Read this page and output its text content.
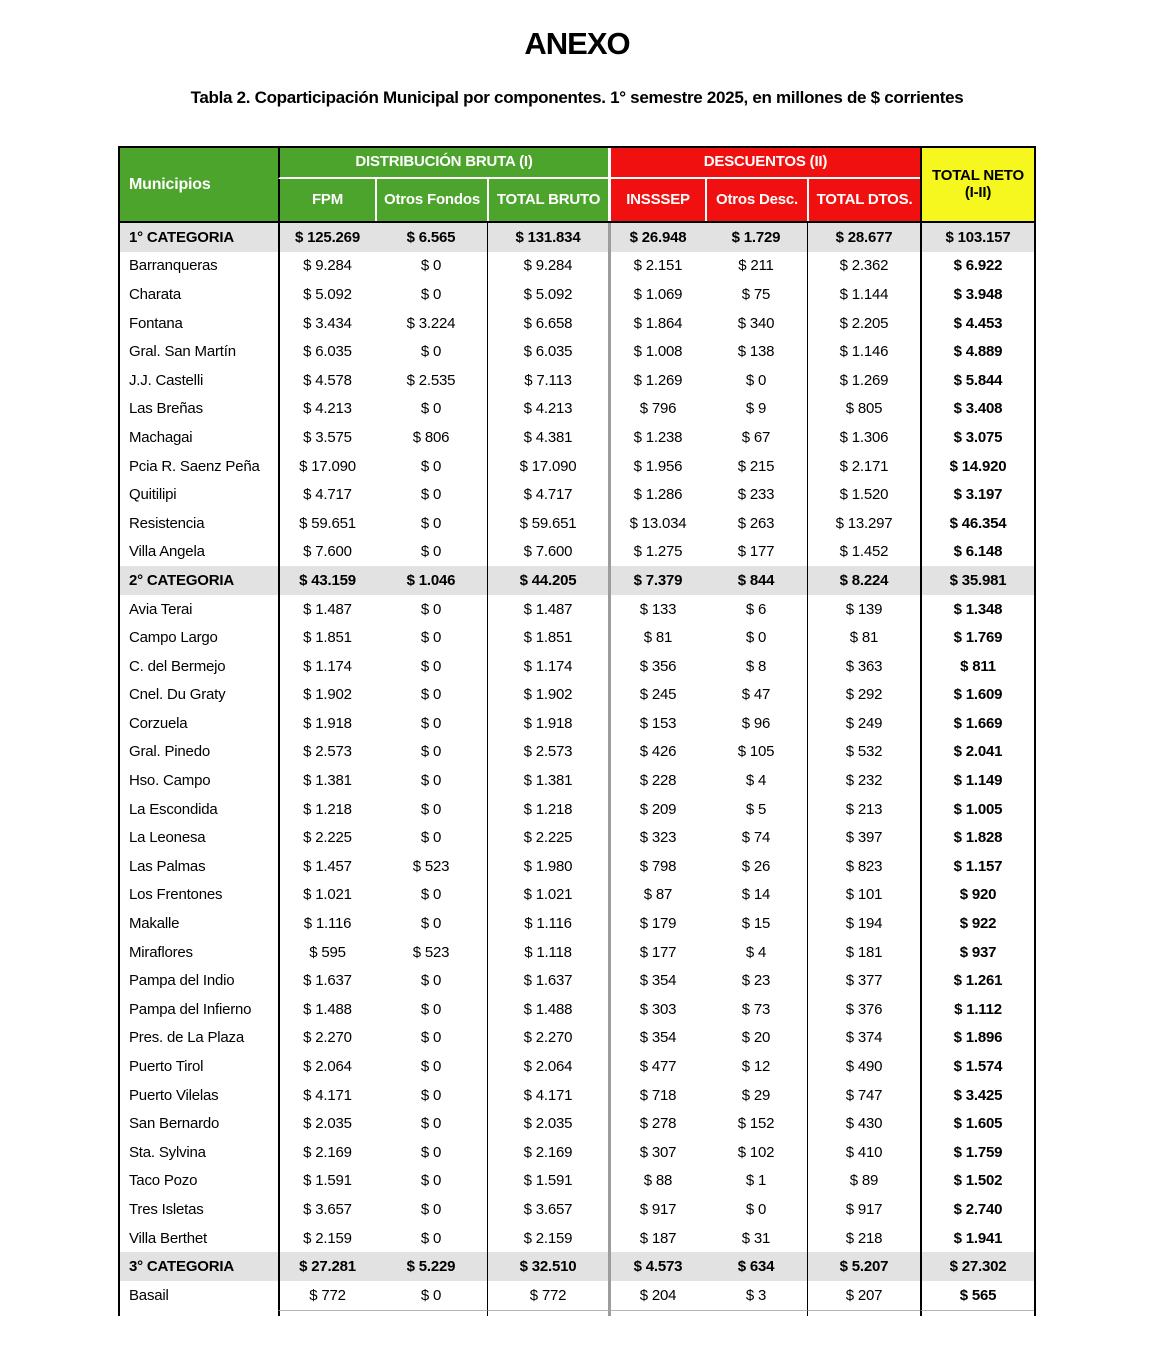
ANEXO
Tabla 2. Coparticipación Municipal por componentes. 1° semestre 2025, en millones de $ corrientes
Municipios
DISTRIBUCIÓN BRUTA (I)	DESCUENTOS (II)
TOTAL NETO (I-II)
FPM	Otros Fondos	TOTAL BRUTO	INSSSEP	Otros Desc.	TOTAL DTOS.
1° CATEGORIA	$ 125.269	$ 6.565	$ 131.834	$ 26.948	$ 1.729	$ 28.677	$ 103.157
Barranqueras	$ 9.284	$ 0	$ 9.284	$ 2.151	$ 211	$ 2.362	$ 6.922
Charata	$ 5.092	$ 0	$ 5.092	$ 1.069	$ 75	$ 1.144	$ 3.948
Fontana	$ 3.434	$ 3.224	$ 6.658	$ 1.864	$ 340	$ 2.205	$ 4.453
Gral. San Martín	$ 6.035	$ 0	$ 6.035	$ 1.008	$ 138	$ 1.146	$ 4.889
J.J. Castelli	$ 4.578	$ 2.535	$ 7.113	$ 1.269	$ 0	$ 1.269	$ 5.844
Las Breñas	$ 4.213	$ 0	$ 4.213	$ 796	$ 9	$ 805	$ 3.408
Machagai	$ 3.575	$ 806	$ 4.381	$ 1.238	$ 67	$ 1.306	$ 3.075
Pcia R. Saenz Peña	$ 17.090	$ 0	$ 17.090	$ 1.956	$ 215	$ 2.171	$ 14.920
Quitilipi	$ 4.717	$ 0	$ 4.717	$ 1.286	$ 233	$ 1.520	$ 3.197
Resistencia	$ 59.651	$ 0	$ 59.651	$ 13.034	$ 263	$ 13.297	$ 46.354
Villa Angela	$ 7.600	$ 0	$ 7.600	$ 1.275	$ 177	$ 1.452	$ 6.148
2° CATEGORIA	$ 43.159	$ 1.046	$ 44.205	$ 7.379	$ 844	$ 8.224	$ 35.981
Avia Terai	$ 1.487	$ 0	$ 1.487	$ 133	$ 6	$ 139	$ 1.348
Campo Largo	$ 1.851	$ 0	$ 1.851	$ 81	$ 0	$ 81	$ 1.769
C. del Bermejo	$ 1.174	$ 0	$ 1.174	$ 356	$ 8	$ 363	$ 811
Cnel. Du Graty	$ 1.902	$ 0	$ 1.902	$ 245	$ 47	$ 292	$ 1.609
Corzuela	$ 1.918	$ 0	$ 1.918	$ 153	$ 96	$ 249	$ 1.669
Gral. Pinedo	$ 2.573	$ 0	$ 2.573	$ 426	$ 105	$ 532	$ 2.041
Hso. Campo	$ 1.381	$ 0	$ 1.381	$ 228	$ 4	$ 232	$ 1.149
La Escondida	$ 1.218	$ 0	$ 1.218	$ 209	$ 5	$ 213	$ 1.005
La Leonesa	$ 2.225	$ 0	$ 2.225	$ 323	$ 74	$ 397	$ 1.828
Las Palmas	$ 1.457	$ 523	$ 1.980	$ 798	$ 26	$ 823	$ 1.157
Los Frentones	$ 1.021	$ 0	$ 1.021	$ 87	$ 14	$ 101	$ 920
Makalle	$ 1.116	$ 0	$ 1.116	$ 179	$ 15	$ 194	$ 922
Miraflores	$ 595	$ 523	$ 1.118	$ 177	$ 4	$ 181	$ 937
Pampa del Indio	$ 1.637	$ 0	$ 1.637	$ 354	$ 23	$ 377	$ 1.261
Pampa del Infierno	$ 1.488	$ 0	$ 1.488	$ 303	$ 73	$ 376	$ 1.112
Pres. de La Plaza	$ 2.270	$ 0	$ 2.270	$ 354	$ 20	$ 374	$ 1.896
Puerto Tirol	$ 2.064	$ 0	$ 2.064	$ 477	$ 12	$ 490	$ 1.574
Puerto Vilelas	$ 4.171	$ 0	$ 4.171	$ 718	$ 29	$ 747	$ 3.425
San Bernardo	$ 2.035	$ 0	$ 2.035	$ 278	$ 152	$ 430	$ 1.605
Sta. Sylvina	$ 2.169	$ 0	$ 2.169	$ 307	$ 102	$ 410	$ 1.759
Taco Pozo	$ 1.591	$ 0	$ 1.591	$ 88	$ 1	$ 89	$ 1.502
Tres Isletas	$ 3.657	$ 0	$ 3.657	$ 917	$ 0	$ 917	$ 2.740
Villa Berthet	$ 2.159	$ 0	$ 2.159	$ 187	$ 31	$ 218	$ 1.941
3° CATEGORIA	$ 27.281	$ 5.229	$ 32.510	$ 4.573	$ 634	$ 5.207	$ 27.302
Basail	$ 772	$ 0	$ 772	$ 204	$ 3	$ 207	$ 565
